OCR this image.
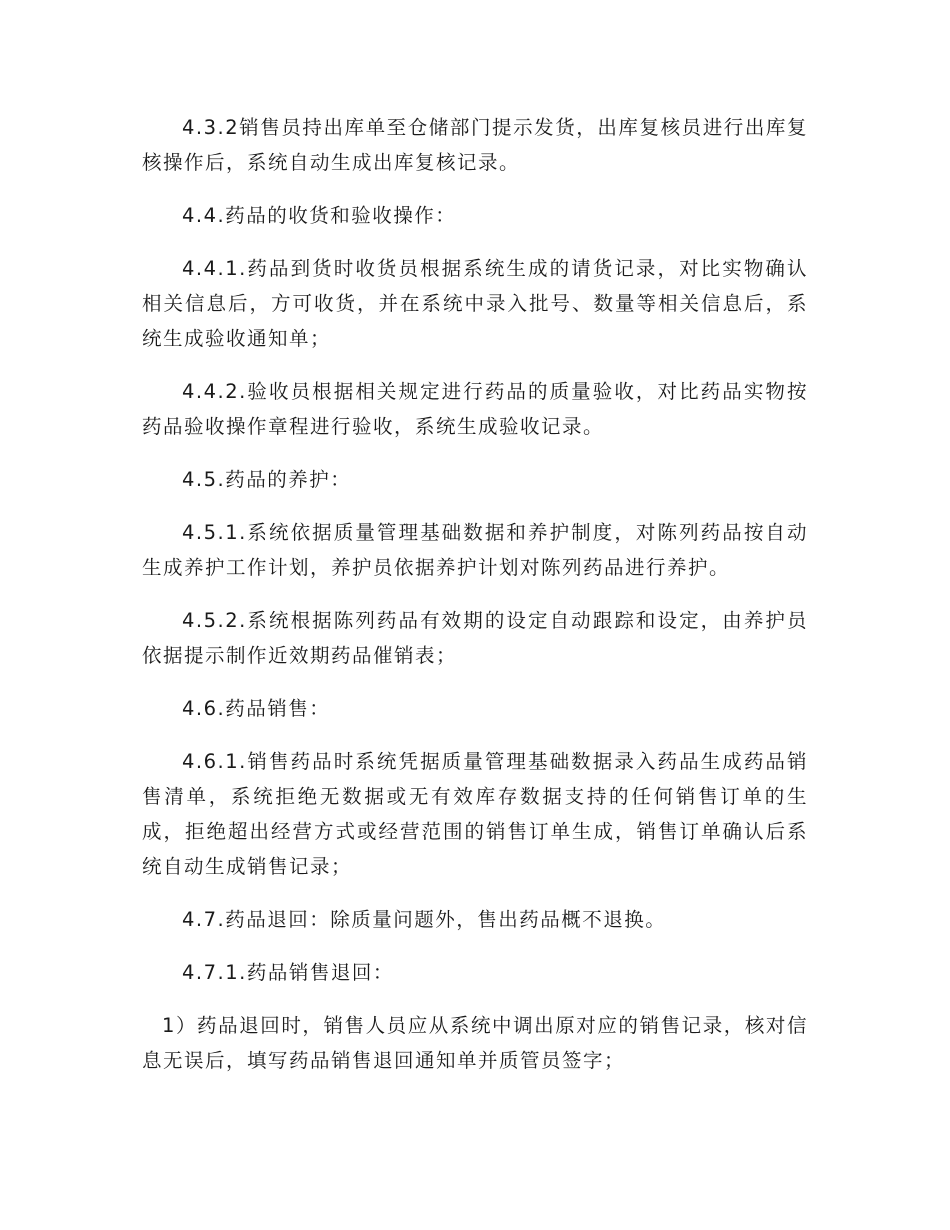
4.3.2销售员持出库单至仓储部门提示发货，出库复核员进行出库复核操作后，系统自动生成出库复核记录。

4.4.药品的收货和验收操作：

4.4.1.药品到货时收货员根据系统生成的请货记录，对比实物确认相关信息后，方可收货，并在系统中录入批号、数量等相关信息后，系统生成验收通知单；

4.4.2.验收员根据相关规定进行药品的质量验收，对比药品实物按药品验收操作章程进行验收，系统生成验收记录。

4.5.药品的养护：

4.5.1.系统依据质量管理基础数据和养护制度，对陈列药品按自动生成养护工作计划，养护员依据养护计划对陈列药品进行养护。

4.5.2.系统根据陈列药品有效期的设定自动跟踪和设定，由养护员依据提示制作近效期药品催销表；

4.6.药品销售：

4.6.1.销售药品时系统凭据质量管理基础数据录入药品生成药品销售清单，系统拒绝无数据或无有效库存数据支持的任何销售订单的生成，拒绝超出经营方式或经营范围的销售订单生成，销售订单确认后系统自动生成销售记录；

4.7.药品退回：除质量问题外，售出药品概不退换。

4.7.1.药品销售退回：

1）药品退回时，销售人员应从系统中调出原对应的销售记录，核对信息无误后，填写药品销售退回通知单并质管员签字；
